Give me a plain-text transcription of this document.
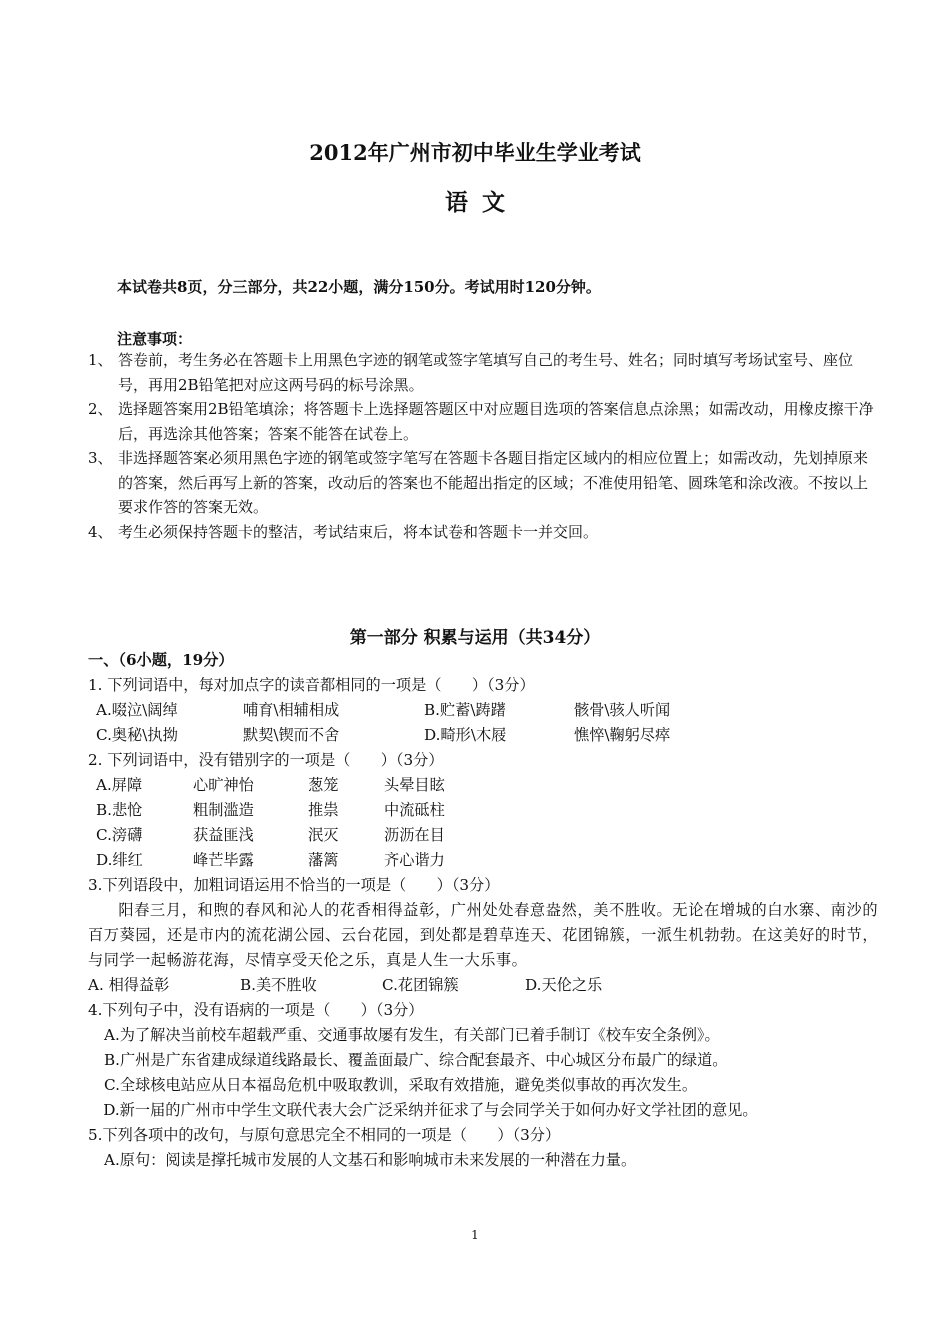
2012年广州市初中毕业生学业考试
语文
本试卷共8页，分三部分，共22小题，满分150分。考试用时120分钟。
注意事项：
1、 答卷前，考生务必在答题卡上用黑色字迹的钢笔或签字笔填写自己的考生号、姓名；同时填写考场试室号、座位号，再用2B铅笔把对应这两号码的标号涂黑。
2、 选择题答案用2B铅笔填涂；将答题卡上选择题答题区中对应题目选项的答案信息点涂黑；如需改动，用橡皮擦干净后，再选涂其他答案；答案不能答在试卷上。
3、 非选择题答案必须用黑色字迹的钢笔或签字笔写在答题卡各题目指定区域内的相应位置上；如需改动，先划掉原来的答案，然后再写上新的答案，改动后的答案也不能超出指定的区域；不准使用铅笔、圆珠笔和涂改液。不按以上要求作答的答案无效。
4、 考生必须保持答题卡的整洁，考试结束后，将本试卷和答题卡一并交回。
第一部分 积累与运用（共34分）
一、（6小题，19分）
1. 下列词语中，每对加点字的读音都相同的一项是（　　）（3分）
A.啜泣\阔绰	哺育\相辅相成	B.贮蓄\踌躇	骸骨\骇人听闻
C.奥秘\执拗	默契\锲而不舍	D.畸形\木屐	憔悴\鞠躬尽瘁
2. 下列词语中，没有错别字的一项是（　　）（3分）
A.屏障	心旷神怡	葱笼	头晕目眩
B.悲怆	粗制滥造	推祟	中流砥柱
C.滂礴	获益匪浅	泯灭	沥沥在目
D.绯红	峰芒毕露	藩篱	齐心谐力
3.下列语段中，加粗词语运用不恰当的一项是（　　）（3分）
阳春三月，和煦的春风和沁人的花香相得益彰，广州处处春意盎然，美不胜收。无论在增城的白水寨、南沙的百万葵园，还是市内的流花湖公园、云台花园，到处都是碧草连天、花团锦簇，一派生机勃勃。在这美好的时节，与同学一起畅游花海，尽情享受天伦之乐，真是人生一大乐事。
A. 相得益彰	B.美不胜收	C.花团锦簇	D.天伦之乐
4.下列句子中，没有语病的一项是（　　）（3分）
A.为了解决当前校车超载严重、交通事故屡有发生，有关部门已着手制订《校车安全条例》。
B.广州是广东省建成绿道线路最长、覆盖面最广、综合配套最齐、中心城区分布最广的绿道。
C.全球核电站应从日本福岛危机中吸取教训，采取有效措施，避免类似事故的再次发生。
D.新一届的广州市中学生文联代表大会广泛采纳并征求了与会同学关于如何办好文学社团的意见。
5.下列各项中的改句，与原句意思完全不相同的一项是（　　）（3分）
A.原句：阅读是撑托城市发展的人文基石和影响城市未来发展的一种潜在力量。
1
